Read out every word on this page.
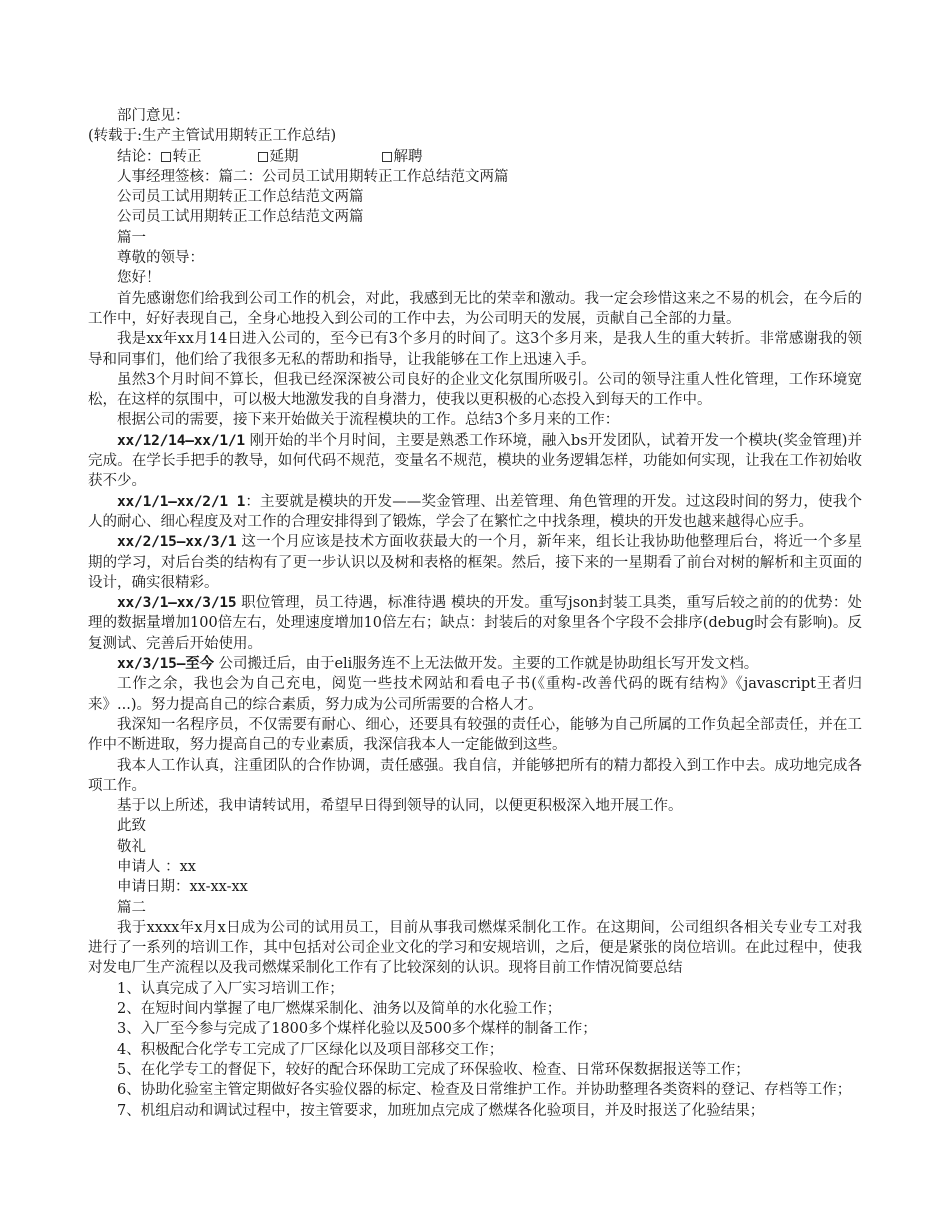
部门意见：

(转载于:生产主管试用期转正工作总结)

结论： 转正	延期	解聘

人事经理签核：篇二：公司员工试用期转正工作总结范文两篇

公司员工试用期转正工作总结范文两篇

公司员工试用期转正工作总结范文两篇

篇一

尊敬的领导：

您好！

首先感谢您们给我到公司工作的机会，对此，我感到无比的荣幸和激动。我一定会珍惜这来之不易的机会，在今后的工作中，好好表现自己，全身心地投入到公司的工作中去，为公司明天的发展，贡献自己全部的力量。

我是xx年xx月14日进入公司的，至今已有3个多月的时间了。这3个多月来，是我人生的重大转折。非常感谢我的领导和同事们，他们给了我很多无私的帮助和指导，让我能够在工作上迅速入手。

虽然3个月时间不算长，但我已经深深被公司良好的企业文化氛围所吸引。公司的领导注重人性化管理，工作环境宽松，在这样的氛围中，可以极大地激发我的自身潜力，使我以更积极的心态投入到每天的工作中。

根据公司的需要，接下来开始做关于流程模块的工作。总结3个多月来的工作：

xx/12/14—xx/1/1 刚开始的半个月时间，主要是熟悉工作环境，融入bs开发团队，试着开发一个模块(奖金管理)并完成。在学长手把手的教导，如何代码不规范，变量名不规范，模块的业务逻辑怎样，功能如何实现，让我在工作初始收获不少。

xx/1/1—xx/2/1 1：主要就是模块的开发——奖金管理、出差管理、角色管理的开发。过这段时间的努力，使我个人的耐心、细心程度及对工作的合理安排得到了锻炼，学会了在繁忙之中找条理，模块的开发也越来越得心应手。

xx/2/15—xx/3/1 这一个月应该是技术方面收获最大的一个月，新年来，组长让我协助他整理后台，将近一个多星期的学习，对后台类的结构有了更一步认识以及树和表格的框架。然后，接下来的一星期看了前台对树的解析和主页面的设计，确实很精彩。

xx/3/1—xx/3/15 职位管理，员工待遇，标准待遇 模块的开发。重写json封装工具类，重写后较之前的的优势：处理的数据量增加100倍左右，处理速度增加10倍左右；缺点：封装后的对象里各个字段不会排序(debug时会有影响)。反复测试、完善后开始使用。

xx/3/15—至今 公司搬迁后，由于eli服务连不上无法做开发。主要的工作就是协助组长写开发文档。

工作之余，我也会为自己充电，阅览一些技术网站和看电子书(《重构-改善代码的既有结构》《javascript王者归来》...)。努力提高自己的综合素质，努力成为公司所需要的合格人才。

我深知一名程序员，不仅需要有耐心、细心，还要具有较强的责任心，能够为自己所属的工作负起全部责任，并在工作中不断进取，努力提高自己的专业素质，我深信我本人一定能做到这些。

我本人工作认真，注重团队的合作协调，责任感强。我自信，并能够把所有的精力都投入到工作中去。成功地完成各项工作。

基于以上所述，我申请转试用，希望早日得到领导的认同，以便更积极深入地开展工作。

此致

敬礼

申请人 ：xx

申请日期：xx-xx-xx

篇二

我于xxxx年x月x日成为公司的试用员工，目前从事我司燃煤采制化工作。在这期间，公司组织各相关专业专工对我进行了一系列的培训工作，其中包括对公司企业文化的学习和安规培训，之后，便是紧张的岗位培训。在此过程中，使我对发电厂生产流程以及我司燃煤采制化工作有了比较深刻的认识。现将目前工作情况简要总结

1、认真完成了入厂实习培训工作；

2、在短时间内掌握了电厂燃煤采制化、油务以及简单的水化验工作；

3、入厂至今参与完成了1800多个煤样化验以及500多个煤样的制备工作；

4、积极配合化学专工完成了厂区绿化以及项目部移交工作；

5、在化学专工的督促下，较好的配合环保助工完成了环保验收、检查、日常环保数据报送等工作；

6、协助化验室主管定期做好各实验仪器的标定、检查及日常维护工作。并协助整理各类资料的登记、存档等工作；

7、机组启动和调试过程中，按主管要求，加班加点完成了燃煤各化验项目，并及时报送了化验结果；
